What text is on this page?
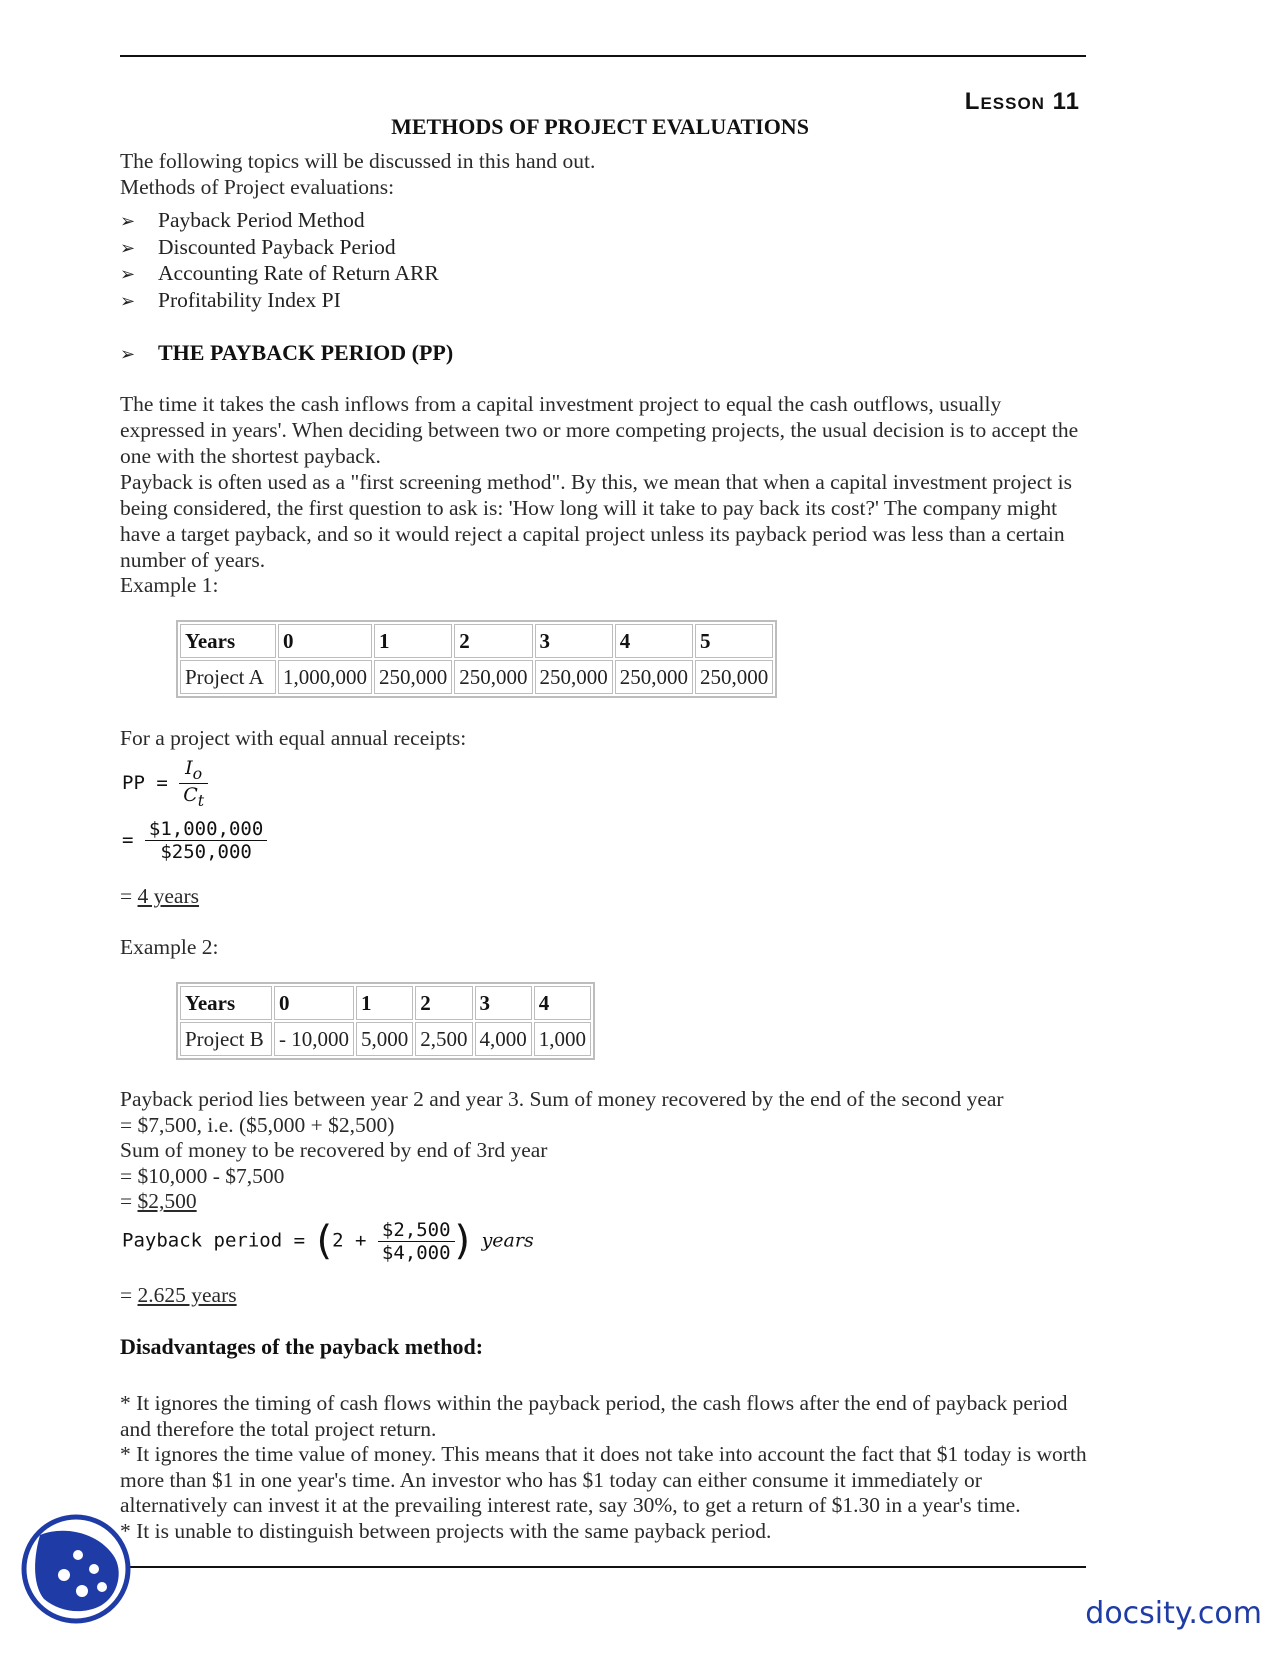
Lesson 11
METHODS OF PROJECT EVALUATIONS
The following topics will be discussed in this hand out.
Methods of Project evaluations:
➢ Payback Period Method
➢ Discounted Payback Period
➢ Accounting Rate of Return ARR
➢ Profitability Index PI
➢ THE PAYBACK PERIOD (PP)
The time it takes the cash inflows from a capital investment project to equal the cash outflows, usually expressed in years'. When deciding between two or more competing projects, the usual decision is to accept the one with the shortest payback.
Payback is often used as a "first screening method". By this, we mean that when a capital investment project is being considered, the first question to ask is: 'How long will it take to pay back its cost?' The company might have a target payback, and so it would reject a capital project unless its payback period was less than a certain number of years.
Example 1:
Years	0	1	2	3	4	5
Project A	1,000,000	250,000	250,000	250,000	250,000	250,000
For a project with equal annual receipts:
PP = $\frac{I_o}{C_t}$
= $\frac{\$1,000,000}{\$250,000}$
= 4 years
Example 2:
Years	0	1	2	3	4
Project B	- 10,000	5,000	2,500	4,000	1,000
Payback period lies between year 2 and year 3. Sum of money recovered by the end of the second year
= $7,500, i.e. ($5,000 + $2,500)
Sum of money to be recovered by end of 3rd year
= $10,000 - $7,500
= $2,500
Payback period = ($2 + \frac{\$2,500}{\$4,000}$ ) years
= 2.625 years
Disadvantages of the payback method:
* It ignores the timing of cash flows within the payback period, the cash flows after the end of payback period and therefore the total project return.
* It ignores the time value of money. This means that it does not take into account the fact that $1 today is worth more than $1 in one year's time. An investor who has $1 today can either consume it immediately or alternatively can invest it at the prevailing interest rate, say 30%, to get a return of $1.30 in a year's time.
* It is unable to distinguish between projects with the same payback period.
docsity.com
